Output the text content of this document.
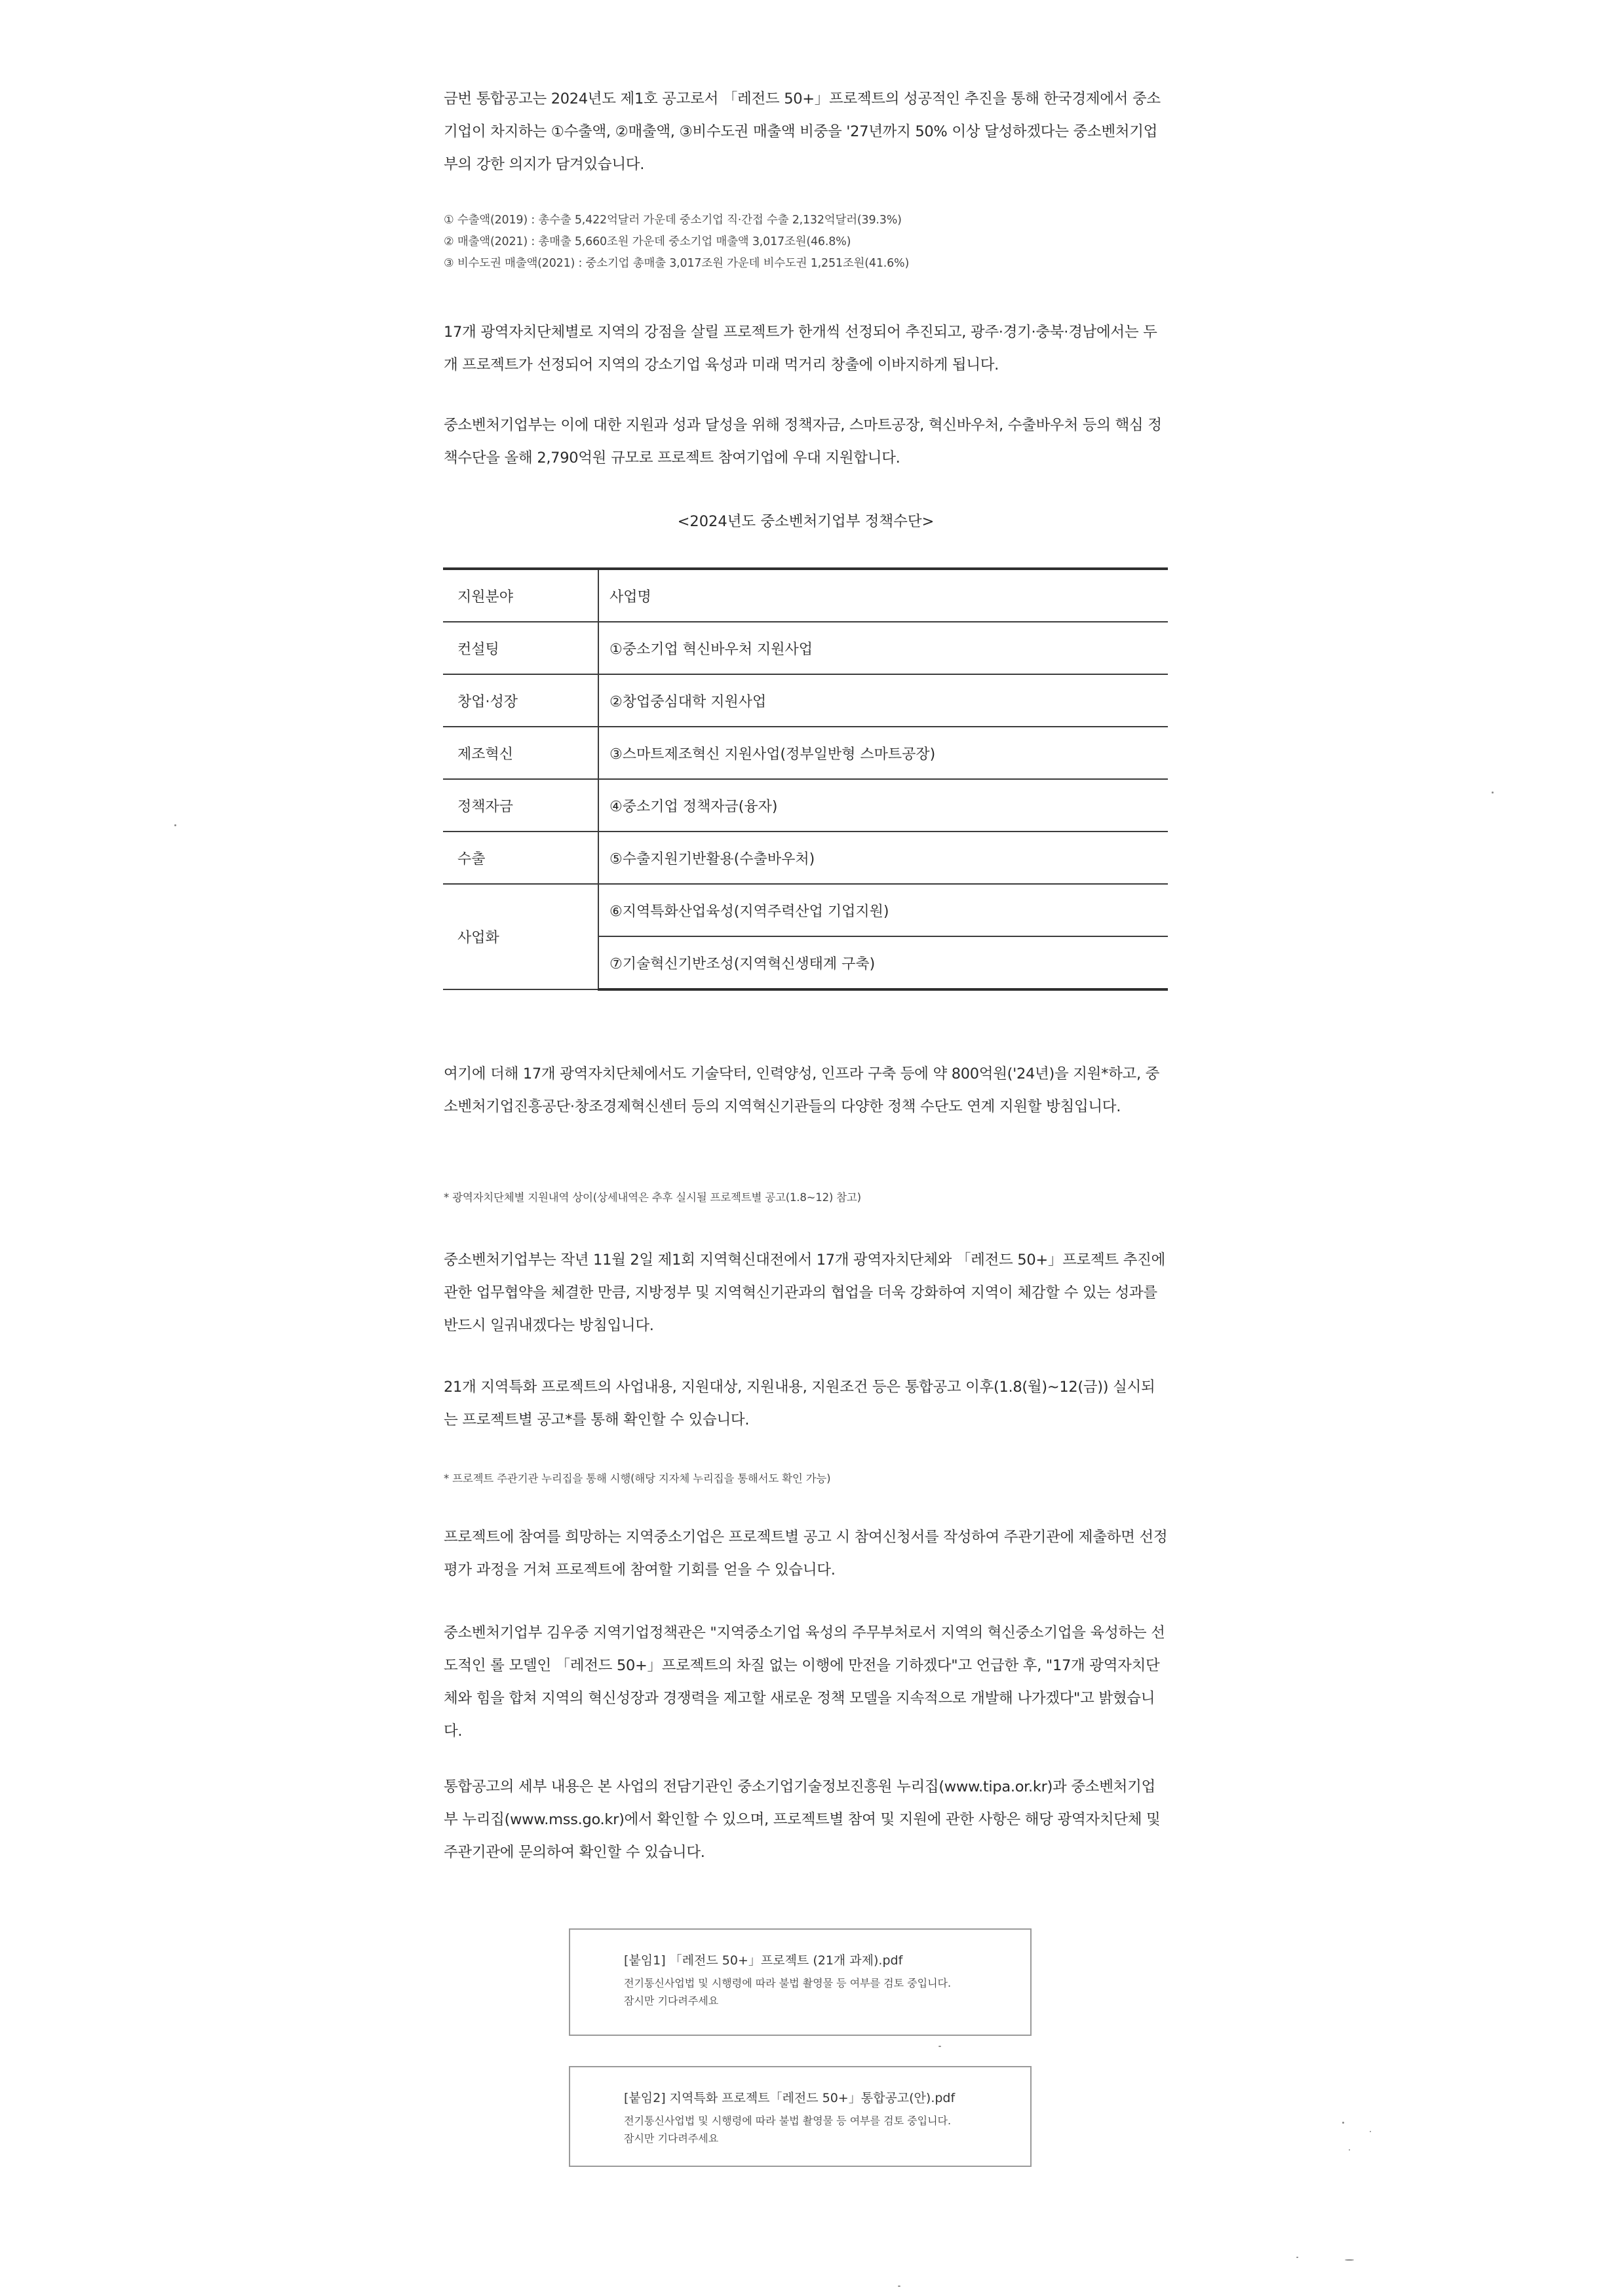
금번 통합공고는 2024년도 제1호 공고로서 「레전드 50+」프로젝트의 성공적인 추진을 통해 한국경제에서 중소기업이 차지하는 ①수출액, ②매출액, ③비수도권 매출액 비중을 '27년까지 50% 이상 달성하겠다는 중소벤처기업부의 강한 의지가 담겨있습니다.

① 수출액(2019) : 총수출 5,422억달러 가운데 중소기업 직·간접 수출 2,132억달러(39.3%)
② 매출액(2021) : 총매출 5,660조원 가운데 중소기업 매출액 3,017조원(46.8%)
③ 비수도권 매출액(2021) : 중소기업 총매출 3,017조원 가운데 비수도권 1,251조원(41.6%)

17개 광역자치단체별로 지역의 강점을 살릴 프로젝트가 한개씩 선정되어 추진되고, 광주·경기·충북·경남에서는 두 개 프로젝트가 선정되어 지역의 강소기업 육성과 미래 먹거리 창출에 이바지하게 됩니다.

중소벤처기업부는 이에 대한 지원과 성과 달성을 위해 정책자금, 스마트공장, 혁신바우처, 수출바우처 등의 핵심 정책수단을 올해 2,790억원 규모로 프로젝트 참여기업에 우대 지원합니다.

<2024년도 중소벤처기업부 정책수단>

지원분야	사업명
컨설팅	①중소기업 혁신바우처 지원사업
창업·성장	②창업중심대학 지원사업
제조혁신	③스마트제조혁신 지원사업(정부일반형 스마트공장)
정책자금	④중소기업 정책자금(융자)
수출	⑤수출지원기반활용(수출바우처)
사업화	⑥지역특화산업육성(지역주력산업 기업지원)
	⑦기술혁신기반조성(지역혁신생태계 구축)

여기에 더해 17개 광역자치단체에서도 기술닥터, 인력양성, 인프라 구축 등에 약 800억원('24년)을 지원*하고, 중소벤처기업진흥공단·창조경제혁신센터 등의 지역혁신기관들의 다양한 정책 수단도 연계 지원할 방침입니다.

* 광역자치단체별 지원내역 상이(상세내역은 추후 실시될 프로젝트별 공고(1.8~12) 참고)

중소벤처기업부는 작년 11월 2일 제1회 지역혁신대전에서 17개 광역자치단체와 「레전드 50+」프로젝트 추진에 관한 업무협약을 체결한 만큼, 지방정부 및 지역혁신기관과의 협업을 더욱 강화하여 지역이 체감할 수 있는 성과를 반드시 일궈내겠다는 방침입니다.

21개 지역특화 프로젝트의 사업내용, 지원대상, 지원내용, 지원조건 등은 통합공고 이후(1.8(월)~12(금)) 실시되는 프로젝트별 공고*를 통해 확인할 수 있습니다.

* 프로젝트 주관기관 누리집을 통해 시행(해당 지자체 누리집을 통해서도 확인 가능)

프로젝트에 참여를 희망하는 지역중소기업은 프로젝트별 공고 시 참여신청서를 작성하여 주관기관에 제출하면 선정평가 과정을 거쳐 프로젝트에 참여할 기회를 얻을 수 있습니다.

중소벤처기업부 김우중 지역기업정책관은 "지역중소기업 육성의 주무부처로서 지역의 혁신중소기업을 육성하는 선도적인 롤 모델인 「레전드 50+」프로젝트의 차질 없는 이행에 만전을 기하겠다"고 언급한 후, "17개 광역자치단체와 힘을 합쳐 지역의 혁신성장과 경쟁력을 제고할 새로운 정책 모델을 지속적으로 개발해 나가겠다"고 밝혔습니다.

통합공고의 세부 내용은 본 사업의 전담기관인 중소기업기술정보진흥원 누리집(www.tipa.or.kr)과 중소벤처기업부 누리집(www.mss.go.kr)에서 확인할 수 있으며, 프로젝트별 참여 및 지원에 관한 사항은 해당 광역자치단체 및 주관기관에 문의하여 확인할 수 있습니다.

[붙임1] 「레전드 50+」프로젝트 (21개 과제).pdf

전기통신사업법 및 시행령에 따라 불법 촬영물 등 여부를 검토 중입니다.
잠시만 기다려주세요

[붙임2] 지역특화 프로젝트「레전드 50+」통합공고(안).pdf

전기통신사업법 및 시행령에 따라 불법 촬영물 등 여부를 검토 중입니다.
잠시만 기다려주세요
